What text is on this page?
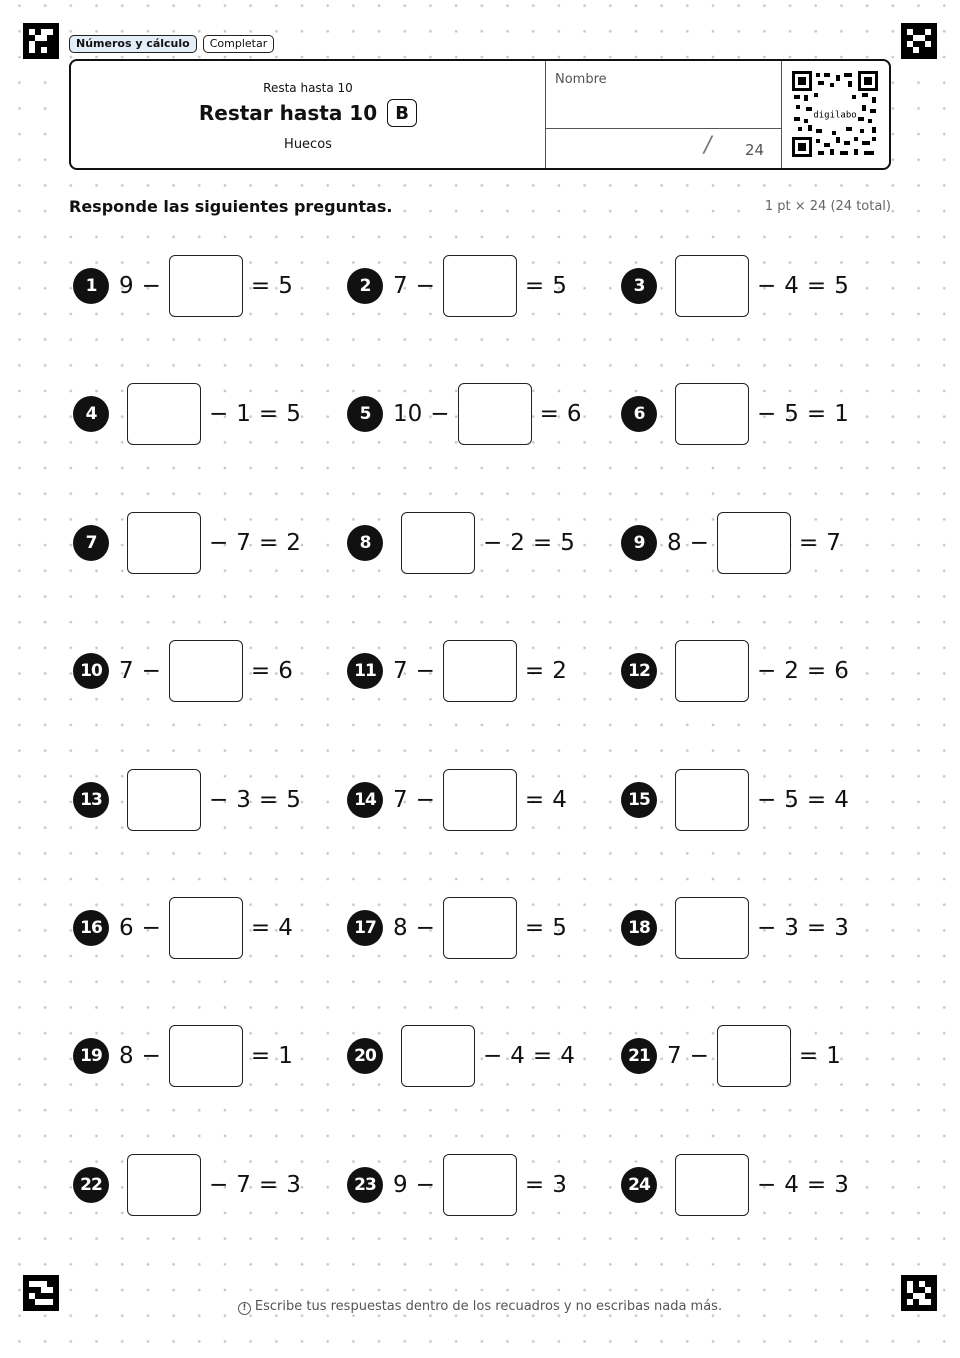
Números y cálculo	Completar
Resta hasta 10
Restar hasta 10	B
Huecos
Nombre
/ 24
digilabo
Responde las siguientes preguntas.	1 pt × 24 (24 total)
1 9 −	= 5	2 7 −	= 5	3	− 4 = 5
4	− 1 = 5	5 10 −	= 6	6	− 5 = 1
7	− 7 = 2	8	− 2 = 5	9 8 −	= 7
10 7 −	= 6	11 7 −	= 2	12	− 2 = 6
13	− 3 = 5	14 7 −	= 4	15	− 5 = 4
16 6 −	= 4	17 8 −	= 5	18	− 3 = 3
19 8 −	= 1	20	− 4 = 4	21 7 −	= 1
22	− 7 = 3	23 9 −	= 3	24	− 4 = 3
! Escribe tus respuestas dentro de los recuadros y no escribas nada más.
